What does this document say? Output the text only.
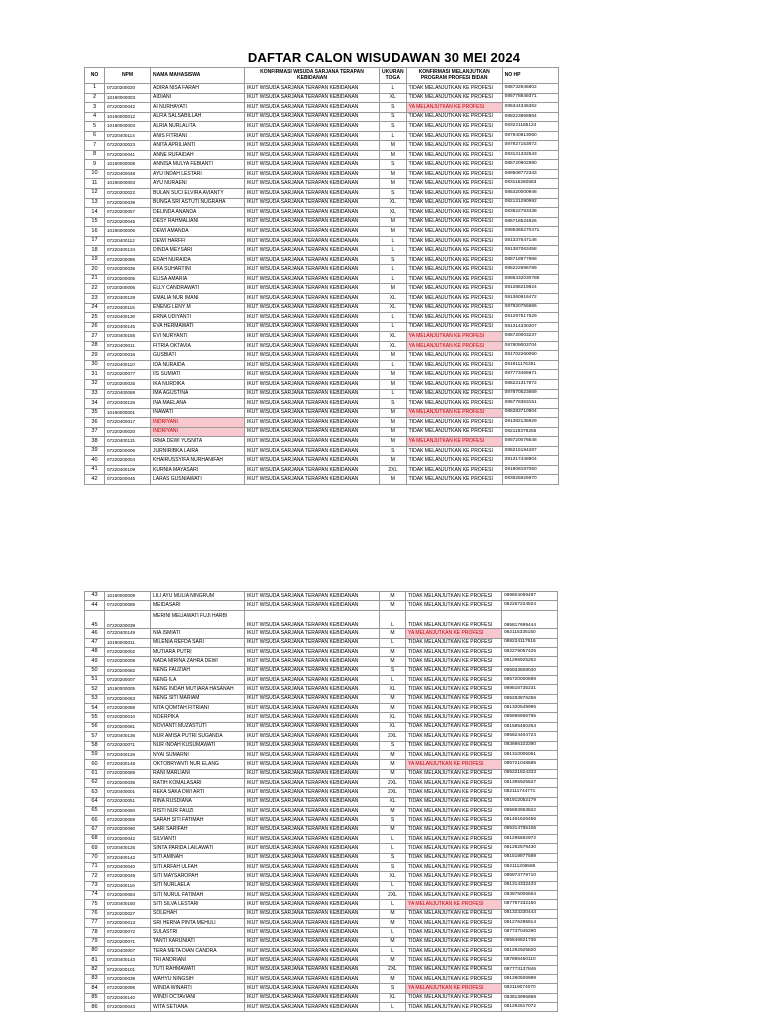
DAFTAR CALON WISUDAWAN 30 MEI 2024
NO	NPM	NAMA MAHASISWA	KONFIRMASI WISUDA SARJANA TERAPAN KEBIDANAN	UKURAN TOGA	KONFIRMASI MELANJUTKAN PROGRAM PROFESI BIDAN	NO HP
1	07220200020	ADIRA NISA FARAH	IKUT WISUDA SARJANA TERAPAN KEBIDANAN	L	TIDAK MELANJUTKAN KE PROFESI	085732945802
2	10190000003	AIDIANI	IKUT WISUDA SARJANA TERAPAN KEBIDANAN	XL	TIDAK MELANJUTKAN KE PROFESI	085778849371
3	07220200042	AI NURHAYATI	IKUT WISUDA SARJANA TERAPAN KEBIDANAN	S	YA MELANJUTKAN KE PROFESI	085344346362
4	10190000012	ALFIA SALSABILLAH	IKUT WISUDA SARJANA TERAPAN KEBIDANAN	S	TIDAK MELANJUTKAN KE PROFESI	088223868964
5	10190000003	ALRIA NURLALITA	IKUT WISUDA SARJANA TERAPAN KEBIDANAN	S	TIDAK MELANJUTKAN KE PROFESI	083221185124
6	07220400114	ANIS FITRIANI	IKUT WISUDA SARJANA TERAPAN KEBIDANAN	L	TIDAK MELANJUTKAN KE PROFESI	087840813060
7	07220200023	ANITA APRILIANTI	IKUT WISUDA SARJANA TERAPAN KEBIDANAN	M	TIDAK MELANJUTKAN KE PROFESI	087827153872
8	07220200041	ANNE RUFAIDAH	IKUT WISUDA SARJANA TERAPAN KEBIDANAN	M	TIDAK MELANJUTKAN KE PROFESI	083121332543
9	10190000008	ANNISA MULYA FEBIANTI	IKUT WISUDA SARJANA TERAPAN KEBIDANAN	S	TIDAK MELANJUTKAN KE PROFESI	085720902990
10	07220400048	AYU INDAH LESTARI	IKUT WISUDA SARJANA TERAPAN KEBIDANAN	M	TIDAK MELANJUTKAN KE PROFESI	089508772343
11	10190000003	AYU NURAENI	IKUT WISUDA SARJANA TERAPAN KEBIDANAN	M	TIDAK MELANJUTKAN KE PROFESI	083116260583
12	07220200022	BULAN SUCI ELVIRA AVIANTY	IKUT WISUDA SARJANA TERAPAN KEBIDANAN	S	TIDAK MELANJUTKAN KE PROFESI	085320000948
13	07220200039	BUNGA SRI ASTUTI NUGRAHA	IKUT WISUDA SARJANA TERAPAN KEBIDANAN	XL	TIDAK MELANJUTKAN KE PROFESI	082121290992
14	07220200057	DELINDA ANANDA	IKUT WISUDA SARJANA TERAPAN KEBIDANAN	XL	TIDAK MELANJUTKAN KE PROFESI	083822783438
15	07220200045	DESY RAHMALIANI	IKUT WISUDA SARJANA TERAPAN KEBIDANAN	M	TIDAK MELANJUTKAN KE PROFESI	085718524826
16	10190000006	DEWI AMANDA	IKUT WISUDA SARJANA TERAPAN KEBIDANAN	M	TIDAK MELANJUTKAN KE PROFESI	0895365270471
17	07220400112	DEWI HARFFI	IKUT WISUDA SARJANA TERAPAN KEBIDANAN	L	TIDAK MELANJUTKAN KE PROFESI	081337647148
18	07220400134	DINDA MEYSARI	IKUT WISUDA SARJANA TERAPAN KEBIDANAN	L	TIDAK MELANJUTKAN KE PROFESI	081387063458
19	07220200086	EDAH NURAIDA	IKUT WISUDA SARJANA TERAPAN KEBIDANAN	S	TIDAK MELANJUTKAN KE PROFESI	085718977968
20	07220200036	EKA SUHARTINI	IKUT WISUDA SARJANA TERAPAN KEBIDANAN	L	TIDAK MELANJUTKAN KE PROFESI	085222696789
21	07220200005	ELISA AMARIA	IKUT WISUDA SARJANA TERAPAN KEBIDANAN	L	TIDAK MELANJUTKAN KE PROFESI	0895332030786
22	07220200006	ELLY CANDRAWATI	IKUT WISUDA SARJANA TERAPAN KEBIDANAN	M	TIDAK MELANJUTKAN KE PROFESI	081286219824
23	07220400129	EMALIA NUR IMANI	IKUT WISUDA SARJANA TERAPAN KEBIDANAN	XL	TIDAK MELANJUTKAN KE PROFESI	081360916472
24	07220400115	ENENG LENY M	IKUT WISUDA SARJANA TERAPAN KEBIDANAN	XL	TIDAK MELANJUTKAN KE PROFESI	087820755666
25	07220400130	ERNA UDIYANTI	IKUT WISUDA SARJANA TERAPAN KEBIDANAN	L	TIDAK MELANJUTKAN KE PROFESI	081297517529
26	07220400145	EVA HERMAWATI	IKUT WISUDA SARJANA TERAPAN KEBIDANAN	L	TIDAK MELANJUTKAN KE PROFESI	081314330207
27	07220400155	EVI NURYANTI	IKUT WISUDA SARJANA TERAPAN KEBIDANAN	XL	YA MELANJUTKAN KE PROFESI	085720003237
28	07220400011	FITRIA OKTAVIA	IKUT WISUDA SARJANA TERAPAN KEBIDANAN	XL	YA MELANJUTKAN KE PROFESI	087809003704
29	07220200016	GUSBIATI	IKUT WISUDA SARJANA TERAPAN KEBIDANAN	M	TIDAK MELANJUTKAN KE PROFESI	081702260060
30	07220400110	IDA NURAIDA	IKUT WISUDA SARJANA TERAPAN KEBIDANAN	L	TIDAK MELANJUTKAN KE PROFESI	081911176351
31	07220200077	IIS SUMIATI	IKUT WISUDA SARJANA TERAPAN KEBIDANAN	M	TIDAK MELANJUTKAN KE PROFESI	087773465971
32	07220200025	IKA NURDIKA	IKUT WISUDA SARJANA TERAPAN KEBIDANAN	M	TIDAK MELANJUTKAN KE PROFESI	085221317872
33	07220400068	IMA AGUSTINA	IKUT WISUDA SARJANA TERAPAN KEBIDANAN	L	TIDAK MELANJUTKAN KE PROFESI	087870523669
34	07220400126	INA MAELANA	IKUT WISUDA SARJANA TERAPAN KEBIDANAN	S	TIDAK MELANJUTKAN KE PROFESI	085778363151
35	10190000001	INAWATI	IKUT WISUDA SARJANA TERAPAN KEBIDANAN	M	YA MELANJUTKAN KE PROFESI	085283710904
36	07220400017	INDRIYANI	IKUT WISUDA SARJANA TERAPAN KEBIDANAN	M	TIDAK MELANJUTKAN KE PROFESI	081382135929
37	07220200020	INDRIYANI	IKUT WISUDA SARJANA TERAPAN KEBIDANAN	M	TIDAK MELANJUTKAN KE PROFESI	082118378255
38	07220400131	IRMA DEWI YUSNITA	IKUT WISUDA SARJANA TERAPAN KEBIDANAN	M	YA MELANJUTKAN KE PROFESI	085720076648
39	07220200006	JURNIRIBKA LAIRA	IKUT WISUDA SARJANA TERAPAN KEBIDANAN	S	TIDAK MELANJUTKAN KE PROFESI	085215194287
40	07220200004	KHAIRUSSYIFA NURHANIFAH	IKUT WISUDA SARJANA TERAPAN KEBIDANAN	M	TIDAK MELANJUTKAN KE PROFESI	081317448904
41	07220400109	KURNIA MAYASARI	IKUT WISUDA SARJANA TERAPAN KEBIDANAN	2XL	TIDAK MELANJUTKAN KE PROFESI	081808187050
42	07220200045	LARAS GUSNIAWATI	IKUT WISUDA SARJANA TERAPAN KEBIDANAN	M	TIDAK MELANJUTKAN KE PROFESI	083825926970
43	10190000009	LILI AYU MULIA NINGRUM	IKUT WISUDA SARJANA TERAPAN KEBIDANAN	M	TIDAK MELANJUTKAN KE PROFESI	089604069487
44	07220200085	MEIDASARI	IKUT WISUDA SARJANA TERAPAN KEBIDANAN	M	TIDAK MELANJUTKAN KE PROFESI	082267224524
45	07220200039	MERINI MELIAWATI FUJI HARBI	IKUT WISUDA SARJANA TERAPAN KEBIDANAN	L	TIDAK MELANJUTKAN KE PROFESI	085817699444
46	07220400149	NIA ISMIATI	IKUT WISUDA SARJANA TERAPAN KEBIDANAN	M	YA MELANJUTKAN KE PROFESI	082115335150
47	10190000011	MILENIA REFDA SARI	IKUT WISUDA SARJANA TERAPAN KEBIDANAN	L	TIDAK MELANJUTKAN KE PROFESI	088224117616
48	07220200002	MUTIARA PUTRI	IKUT WISUDA SARJANA TERAPAN KEBIDANAN	M	TIDAK MELANJUTKAN KE PROFESI	082279057425
49	07220200008	NADA MIRINA ZAHRA DEWI	IKUT WISUDA SARJANA TERAPAN KEBIDANAN	M	TIDAK MELANJUTKAN KE PROFESI	081296925262
50	07220200082	NENG FAUZIAH	IKUT WISUDA SARJANA TERAPAN KEBIDANAN	S	TIDAK MELANJUTKAN KE PROFESI	085933608040
51	07220200007	NENG ILA	IKUT WISUDA SARJANA TERAPAN KEBIDANAN	L	TIDAK MELANJUTKAN KE PROFESI	085720000598
52	10190000005	NENG INDAH MUTIARA HASANAH	IKUT WISUDA SARJANA TERAPAN KEBIDANAN	XL	TIDAK MELANJUTKAN KE PROFESI	089516735231
53	07220200053	NENG SITI MARIAM	IKUT WISUDA SARJANA TERAPAN KEBIDANAN	M	TIDAK MELANJUTKAN KE PROFESI	085283876256
54	07220200088	NITA QOMTAH FITRIANI	IKUT WISUDA SARJANA TERAPAN KEBIDANAN	M	TIDAK MELANJUTKAN KE PROFESI	081320549995
55	07220200010	NOERPIKA	IKUT WISUDA SARJANA TERAPAN KEBIDANAN	XL	TIDAK MELANJUTKAN KE PROFESI	085896655795
56	07220200061	NOVIANTI MUZASTUTI	IKUT WISUDA SARJANA TERAPAN KEBIDANAN	XL	TIDAK MELANJUTKAN KE PROFESI	081585460264
57	07220400136	NUR AMISA PUTRI SUGANDA	IKUT WISUDA SARJANA TERAPAN KEBIDANAN	2XL	TIDAK MELANJUTKAN KE PROFESI	085624404724
58	07220200071	NUR INDAH KUSUMAWATI	IKUT WISUDA SARJANA TERAPAN KEBIDANAN	S	TIDAK MELANJUTKAN KE PROFESI	083896103390
59	07220400126	NYAI SUMARNI	IKUT WISUDA SARJANA TERAPAN KEBIDANAN	M	TIDAK MELANJUTKAN KE PROFESI	081310005061
60	07220400148	OKTOBRYANTI NUR ELANG	IKUT WISUDA SARJANA TERAPAN KEBIDANAN	M	YA MELANJUTKAN KE PROFESI	085721048585
61	07220200085	RANI MARLIANI	IKUT WISUDA SARJANA TERAPAN KEBIDANAN	M	TIDAK MELANJUTKAN KE PROFESI	085221824333
62	07220200035	RATIH KOMALASARI	IKUT WISUDA SARJANA TERAPAN KEBIDANAN	2XL	TIDAK MELANJUTKAN KE PROFESI	081395925527
63	07220400001	REKA SAKA DWI ARTI	IKUT WISUDA SARJANA TERAPAN KEBIDANAN	2XL	TIDAK MELANJUTKAN KE PROFESI	082111744771
64	07220200051	RINA RUSDIANA	IKUT WISUDA SARJANA TERAPAN KEBIDANAN	XL	TIDAK MELANJUTKAN KE PROFESI	081912052179
65	07220200050	RISTI NUR FAUZI	IKUT WISUDA SARJANA TERAPAN KEBIDANAN	M	TIDAK MELANJUTKAN KE PROFESI	085693953622
66	07220200069	SARAH SITI FATIMAH	IKUT WISUDA SARJANA TERAPAN KEBIDANAN	S	TIDAK MELANJUTKAN KE PROFESI	081461626456
67	07220200090	SARI SARIFAH	IKUT WISUDA SARJANA TERAPAN KEBIDANAN	M	TIDAK MELANJUTKAN KE PROFESI	085314765106
68	07220200042	SILVIANTI	IKUT WISUDA SARJANA TERAPAN KEBIDANAN	L	TIDAK MELANJUTKAN KE PROFESI	081295692972
69	07220400125	SINTA PARIDA LAILAWATI	IKUT WISUDA SARJANA TERAPAN KEBIDANAN	L	TIDAK MELANJUTKAN KE PROFESI	081282579430
70	07220400142	SITI AMINAH	IKUT WISUDA SARJANA TERAPAN KEBIDANAN	S	TIDAK MELANJUTKAN KE PROFESI	081519877589
71	07220400040	SITI ARFAH ULFAH	IKUT WISUDA SARJANA TERAPAN KEBIDANAN	S	TIDAK MELANJUTKAN KE PROFESI	082111206586
72	07220200049	SITI MAYSAROPAH	IKUT WISUDA SARJANA TERAPAN KEBIDANAN	XL	TIDAK MELANJUTKAN KE PROFESI	085973779710
73	07220400116	SITI NURLAELA	IKUT WISUDA SARJANA TERAPAN KEBIDANAN	L	TIDAK MELANJUTKAN KE PROFESI	081314332433
74	07220200084	SITI NURUL FATIMAH	IKUT WISUDA SARJANA TERAPAN KEBIDANAN	2XL	TIDAK MELANJUTKAN KE PROFESI	083875005564
75	07220400150	SITI SILVA LESTARI	IKUT WISUDA SARJANA TERAPAN KEBIDANAN	L	YA MELANJUTKAN KE PROFESI	087797332150
76	07220200027	SOLEHAH	IKUT WISUDA SARJANA TERAPAN KEBIDANAN	M	TIDAK MELANJUTKAN KE PROFESI	081323330443
77	07220200013	SRI HERNA PINTA MEHULI	IKUT WISUDA SARJANA TERAPAN KEBIDANAN	M	TIDAK MELANJUTKAN KE PROFESI	081276295814
78	07220200072	SULASTRI	IKUT WISUDA SARJANA TERAPAN KEBIDANAN	L	TIDAK MELANJUTKAN KE PROFESI	087737045290
79	07220200071	TANTI KARUNIATI	IKUT WISUDA SARJANA TERAPAN KEBIDANAN	M	TIDAK MELANJUTKAN KE PROFESI	085546821736
80	07220400007	TERA META DIAN CANDRA	IKUT WISUDA SARJANA TERAPAN KEBIDANAN	L	TIDAK MELANJUTKAN KE PROFESI	081292925820
81	07220400143	TRI ANDRIANI	IKUT WISUDA SARJANA TERAPAN KEBIDANAN	M	TIDAK MELANJUTKAN KE PROFESI	087896450110
82	07220200101	TUTI RAHMAWATI	IKUT WISUDA SARJANA TERAPAN KEBIDANAN	2XL	TIDAK MELANJUTKAN KE PROFESI	087773137846
83	07220200038	WAHYU NINGSIH	IKUT WISUDA SARJANA TERAPAN KEBIDANAN	M	TIDAK MELANJUTKAN KE PROFESI	081280506989
84	07220200095	WINDA WINARTI	IKUT WISUDA SARJANA TERAPAN KEBIDANAN	S	YA MELANJUTKAN KE PROFESI	082119074070
85	07220400140	WINDI OCTAVIANI	IKUT WISUDA SARJANA TERAPAN KEBIDANAN	XL	TIDAK MELANJUTKAN KE PROFESI	083813996868
86	07220200043	WITA SETIANA	IKUT WISUDA SARJANA TERAPAN KEBIDANAN	L	TIDAK MELANJUTKAN KE PROFESI	081292617072
